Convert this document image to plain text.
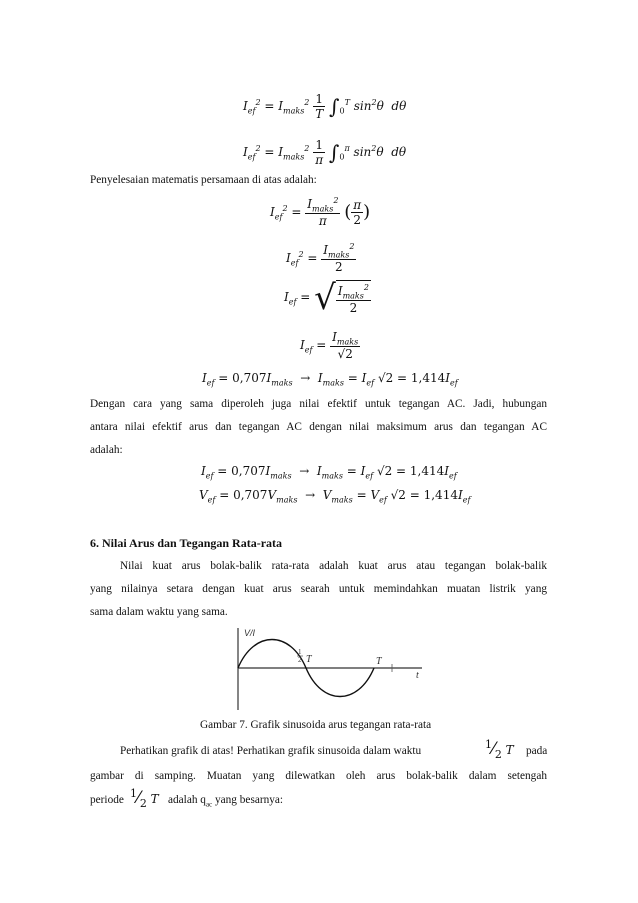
$I_{ef}^2 = I_{maks}^2 \frac{1}{T} \int_0^T$ $\sin^2\theta$  dθ
$I_{ef}^2 = I_{maks}^2 \frac{1}{\pi} \int_0^\pi$ $\sin^2\theta$  dθ
Penyelesaian matematis persamaan di atas adalah:
$I_{ef}^2 = \frac{I_{maks}^2}{\pi}$ ( $\frac{\pi}{2}$ )
$I_{ef}^2 = \frac{I_{maks}^2}{2}$
$I_{ef}$ = √ $\frac{I_{maks}^2}{2}$
$I_{ef} = \frac{I_{maks}}{√2}$
$I_{ef} = 0,707I_{maks} \to I_{maks} = I_{ef}$ $√2 = 1,414I_{ef}$
Dengan cara yang sama diperoleh juga nilai efektif untuk tegangan AC. Jadi, hubungan
antara nilai efektif arus dan tegangan AC dengan nilai maksimum arus dan tegangan AC
adalah:
$I_{ef} = 0,707I_{maks} \to I_{maks} = I_{ef}$ $√2 = 1,414I_{ef}$
$V_{ef} = 0,707V_{maks} \to V_{maks} = V_{ef}$ $√2 = 1,414I_{ef}$
6. Nilai Arus dan Tegangan Rata-rata
Nilai kuat arus bolak-balik rata-rata adalah kuat arus atau tegangan bolak-balik
yang nilainya setara dengan kuat arus searah untuk memindahkan muatan listrik yang
sama dalam waktu yang sama.
V/I
t
1
2 T	T
Gambar 7. Grafik sinusoida arus tegangan rata-rata
Perhatikan grafik di atas! Perhatikan grafik sinusoida dalam waktu	1⁄2 T pada
gambar di samping. Muatan yang dilewatkan oleh arus bolak-balik dalam setengah
periode 1⁄2 T adalah $q_{ac}$ yang besarnya:
